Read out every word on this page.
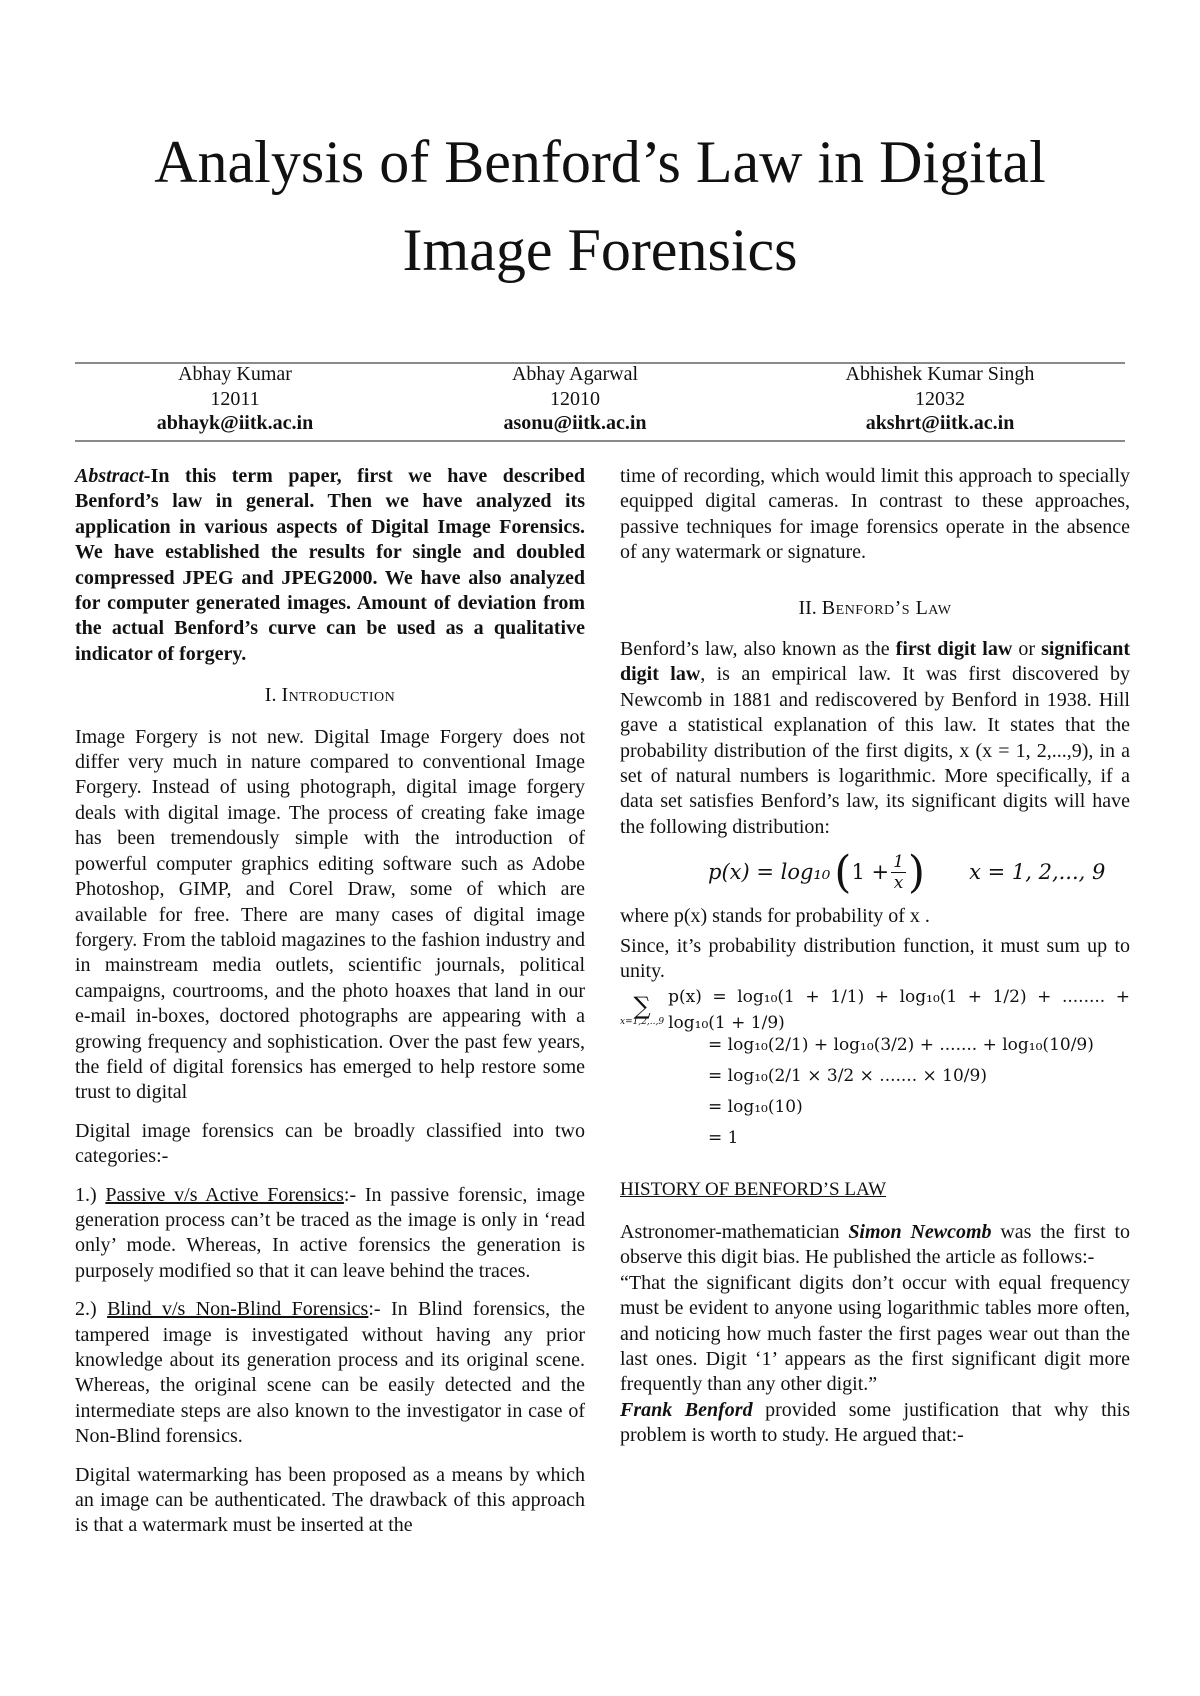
Analysis of Benford’s Law in Digital
Image Forensics
Abhay Kumar
12011
abhayk@iitk.ac.in
Abhay Agarwal
12010
asonu@iitk.ac.in
Abhishek Kumar Singh
12032
akshrt@iitk.ac.in

Abstract-In this term paper, first we have described Benford’s law in general. Then we have analyzed its application in various aspects of Digital Image Forensics. We have established the results for single and doubled compressed JPEG and JPEG2000. We have also analyzed for computer generated images. Amount of deviation from the actual Benford’s curve can be used as a qualitative indicator of forgery.

I. Introduction

Image Forgery is not new. Digital Image Forgery does not differ very much in nature compared to conventional Image Forgery. Instead of using photograph, digital image forgery deals with digital image. The process of creating fake image has been tremendously simple with the introduction of powerful computer graphics editing software such as Adobe Photoshop, GIMP, and Corel Draw, some of which are available for free. There are many cases of digital image forgery. From the tabloid magazines to the fashion industry and in mainstream media outlets, scientific journals, political campaigns, courtrooms, and the photo hoaxes that land in our e-mail in-boxes, doctored photographs are appearing with a growing frequency and sophistication. Over the past few years, the field of digital forensics has emerged to help restore some trust to digital

Digital image forensics can be broadly classified into two categories:-

1.) Passive v/s Active Forensics:- In passive forensic, image generation process can’t be traced as the image is only in ‘read only’ mode. Whereas, In active forensics the generation is purposely modified so that it can leave behind the traces.

2.) Blind v/s Non-Blind Forensics:- In Blind forensics, the tampered image is investigated without having any prior knowledge about its generation process and its original scene. Whereas, the original scene can be easily detected and the intermediate steps are also known to the investigator in case of Non-Blind forensics.

Digital watermarking has been proposed as a means by which an image can be authenticated. The drawback of this approach is that a watermark must be inserted at the

time of recording, which would limit this approach to specially equipped digital cameras. In contrast to these approaches, passive techniques for image forensics operate in the absence of any watermark or signature.

II. Benford’s Law

Benford’s law, also known as the first digit law or significant digit law, is an empirical law. It was first discovered by Newcomb in 1881 and rediscovered by Benford in 1938. Hill gave a statistical explanation of this law. It states that the probability distribution of the first digits, x (x = 1, 2,...,9), in a set of natural numbers is logarithmic. More specifically, if a data set satisfies Benford’s law, its significant digits will have the following distribution:

p(x) = log₁₀ ( $1 + \frac{1}{x}$ ) x = 1, 2,..., 9

where p(x) stands for probability of x .

Since, it’s probability distribution function, it must sum up to unity.

∑
x=1,2,..,9
p(x) = log₁₀(1 + 1/1) + log₁₀(1 + 1/2) + ........ + log₁₀(1 + 1/9)
= log₁₀(2/1) + log₁₀(3/2) + ....... + log₁₀(10/9)
= log₁₀(2/1 × 3/2 × ....... × 10/9)
= log₁₀(10)
= 1

HISTORY OF BENFORD’S LAW

Astronomer-mathematician Simon Newcomb was the first to observe this digit bias. He published the article as follows:-

“That the significant digits don’t occur with equal frequency must be evident to anyone using logarithmic tables more often, and noticing how much faster the first pages wear out than the last ones. Digit ‘1’ appears as the first significant digit more frequently than any other digit.”

Frank Benford provided some justification that why this problem is worth to study. He argued that:-
